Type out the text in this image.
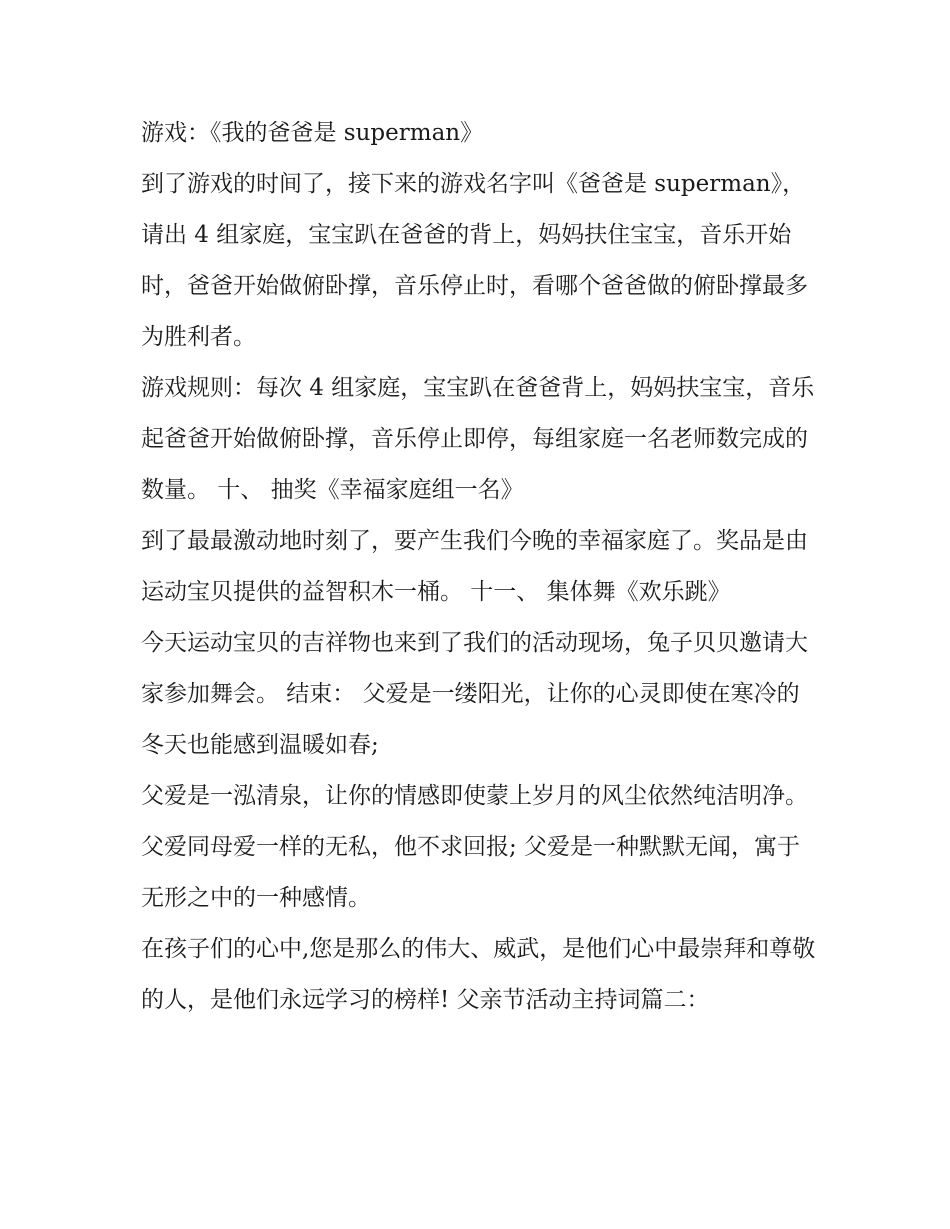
游戏：《我的爸爸是 superman》

到了游戏的时间了，接下来的游戏名字叫《爸爸是 superman》，请出 4 组家庭，宝宝趴在爸爸的背上，妈妈扶住宝宝，音乐开始时，爸爸开始做俯卧撑，音乐停止时，看哪个爸爸做的俯卧撑最多为胜利者。

游戏规则：每次 4 组家庭，宝宝趴在爸爸背上，妈妈扶宝宝，音乐起爸爸开始做俯卧撑，音乐停止即停，每组家庭一名老师数完成的数量。 十、 抽奖《幸福家庭组一名》

到了最最激动地时刻了，要产生我们今晚的幸福家庭了。奖品是由运动宝贝提供的益智积木一桶。 十一、 集体舞《欢乐跳》

今天运动宝贝的吉祥物也来到了我们的活动现场，兔子贝贝邀请大家参加舞会。 结束： 父爱是一缕阳光，让你的心灵即使在寒冷的冬天也能感到温暖如春;

父爱是一泓清泉，让你的情感即使蒙上岁月的风尘依然纯洁明净。 父爱同母爱一样的无私，他不求回报; 父爱是一种默默无闻，寓于无形之中的一种感情。

在孩子们的心中,您是那么的伟大、威武，是他们心中最崇拜和尊敬的人，是他们永远学习的榜样! 父亲节活动主持词篇二：
